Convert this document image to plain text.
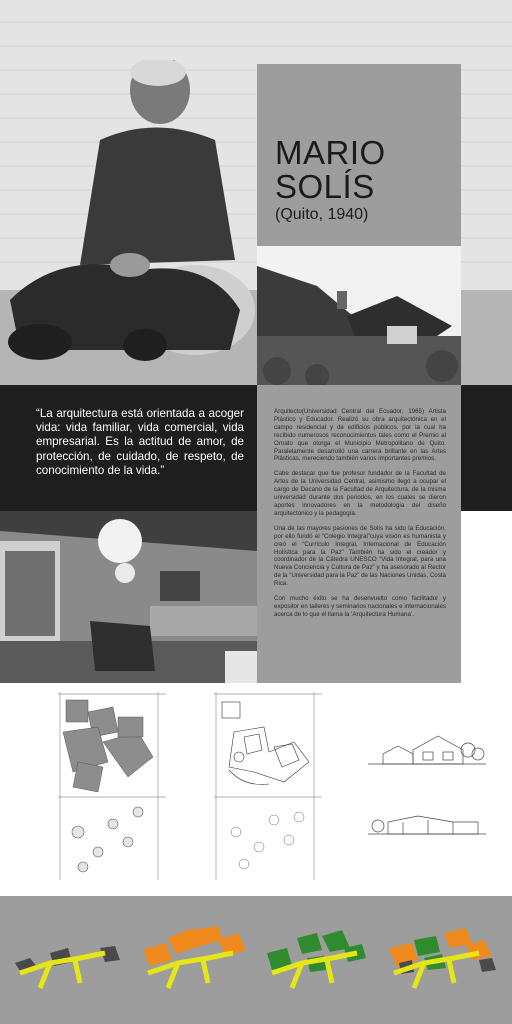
MARIO
SOLÍS
(Quito, 1940)
“La arquitectura está orientada a acoger vida: vida familiar, vida comercial, vida empresarial. Es la actitud de amor, de protección, de cuidado, de respeto, de conocimiento de la vida.”

Arquitecto(Universidad Central del Ecuador, 1965) Artista Plástico y Educador. Realizó su obra arquitectónica en el campo residencial y de edificios públicos, por la cual ha recibido numerosos reconocimientos tales como el Premio al Ornato que otorga el Municipio Metropolitano de Quito. Paralelamente desarrolló una carrera brillante en las Artes Plásticas, mereciendo también varios importantes premios.

Cabe destacar que fue profesor fundador de la Facultad de Artes de la Universidad Central, asimismo llegó a ocupar el cargo de Decano de la Facultad de Arquitectura, de la misma universidad durante dos periodos, en los cuales se dieron aportes innovadores en la metodología del diseño arquitectónico y la pedagogía.

Una de las mayores pasiones de Solís ha sido la Educación, por ello fundó el “Colegio Integral”cuya visión es humanista y creó el “Currículo Integral, Internacional de Educación Holística para la Paz” También ha sido el creador y coordinador de la Cátedra UNESCO “Vida Integral, para una Nueva Conciencia y Cultura de Paz” y ha asesorado al Rector de la “Universidad para la Paz” de las Naciones Unidas, Costa Rica.

Con mucho éxito se ha desenvuelto como facilitador y expositor en talleres y seminarios nacionales e internacionales acerca de lo que él llama la ‘Arquitectura Humana’.
